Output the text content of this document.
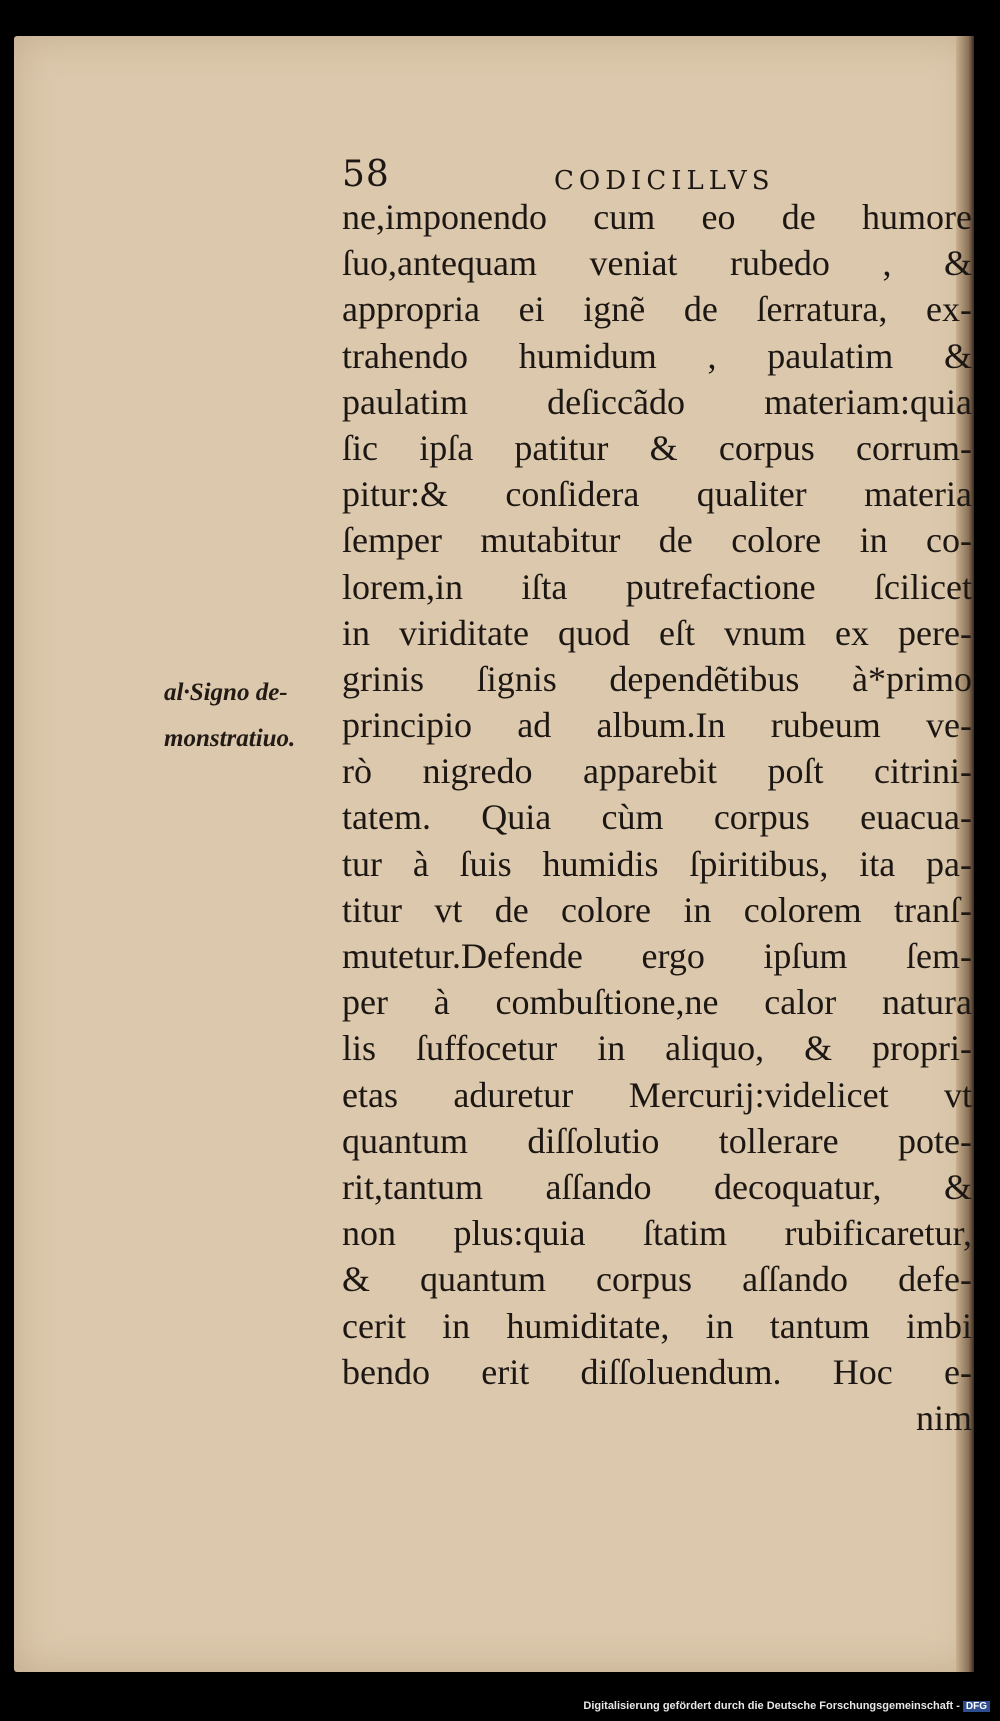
58	CODICILLVS
al·Signo de-
monstratiuo.
ne,imponendo cum eo de humore
ſuo,antequam veniat rubedo , &
appropria ei ignẽ de ſerratura, ex-
trahendo humidum , paulatim &
paulatim deſiccãdo materiam:quia
ſic ipſa patitur & corpus corrum-
pitur:& conſidera qualiter materia
ſemper mutabitur de colore in co-
lorem,in iſta putrefactione ſcilicet
in viriditate quod eſt vnum ex pere-
grinis ſignis dependẽtibus à*primo
principio ad album.In rubeum ve-
rò nigredo apparebit poſt citrini-
tatem. Quia cùm corpus euacua-
tur à ſuis humidis ſpiritibus, ita pa-
titur vt de colore in colorem tranſ-
mutetur.Defende ergo ipſum ſem-
per à combuſtione,ne calor natura
lis ſuffocetur in aliquo, & propri-
etas aduretur Mercurij:videlicet vt
quantum diſſolutio tollerare pote-
rit,tantum aſſando decoquatur, &
non plus:quia ſtatim rubificaretur,
& quantum corpus aſſando defe-
cerit in humiditate, in tantum imbi
bendo erit diſſoluendum. Hoc e-
nim
Digitalisierung gefördert durch die Deutsche Forschungsgemeinschaft - DFG
